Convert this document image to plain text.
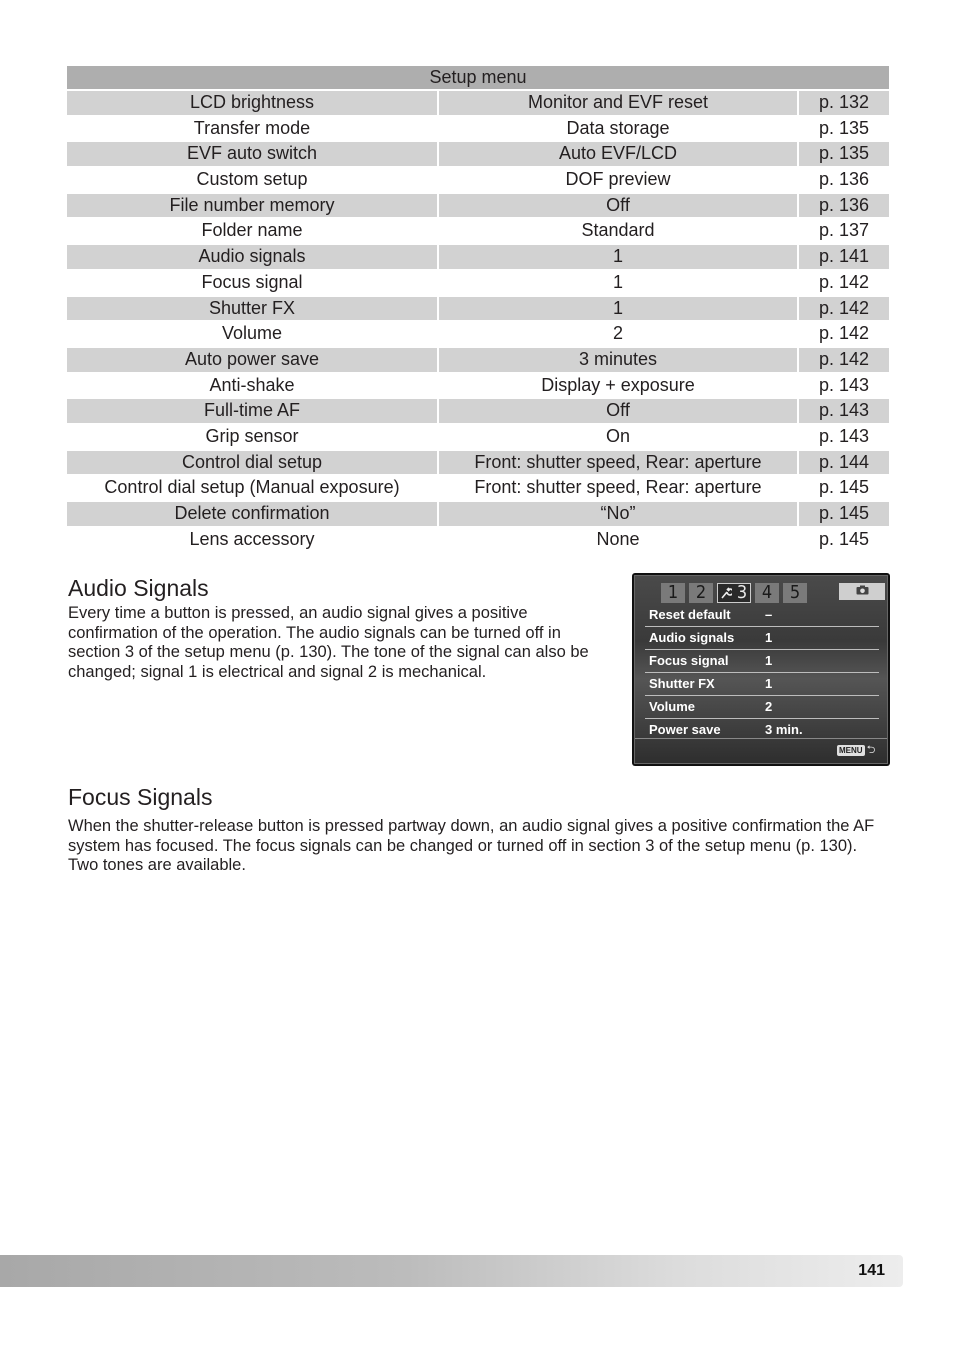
Setup menu
LCD brightness	Monitor and EVF reset	p. 132
Transfer mode	Data storage	p. 135
EVF auto switch	Auto EVF/LCD	p. 135
Custom setup	DOF preview	p. 136
File number memory	Off	p. 136
Folder name	Standard	p. 137
Audio signals	1	p. 141
Focus signal	1	p. 142
Shutter FX	1	p. 142
Volume	2	p. 142
Auto power save	3 minutes	p. 142
Anti-shake	Display + exposure	p. 143
Full-time AF	Off	p. 143
Grip sensor	On	p. 143
Control dial setup	Front: shutter speed, Rear: aperture	p. 144
Control dial setup (Manual exposure)	Front: shutter speed, Rear: aperture	p. 145
Delete confirmation	“No”	p. 145
Lens accessory	None	p. 145
Audio Signals

Every time a button is pressed, an audio signal gives a positive confirmation of the operation. The audio signals can be turned off in section 3 of the setup menu (p. 130). The tone of the signal can also be changed; signal 1 is electrical and signal 2 is mechanical.

1 2	3 4 5
Reset default	–
Audio signals	1
Focus signal	1
Shutter FX	1
Volume	2
Power save	3 min.
MENU ⮌
Focus Signals

When the shutter-release button is pressed partway down, an audio signal gives a positive confirmation the AF system has focused. The focus signals can be changed or turned off in section 3 of the setup menu (p. 130). Two tones are available.

141
